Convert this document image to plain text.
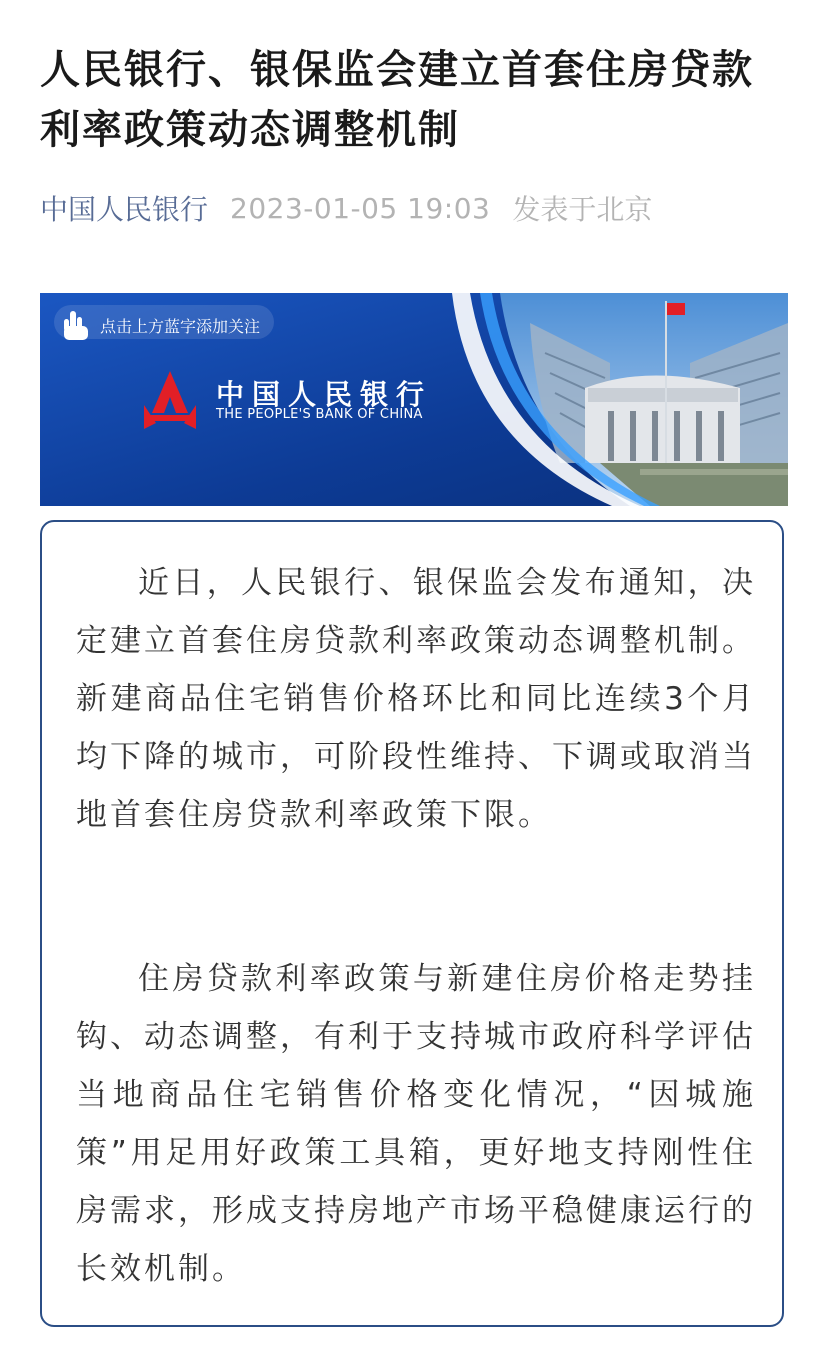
人民银行、银保监会建立首套住房贷款利率政策动态调整机制
中国人民银行 2023-01-05 19:03 发表于北京
点击上方蓝字添加关注
中国人民银行
THE PEOPLE'S BANK OF CHINA

近日，人民银行、银保监会发布通知，决定建立首套住房贷款利率政策动态调整机制。新建商品住宅销售价格环比和同比连续3个月均下降的城市，可阶段性维持、下调或取消当地首套住房贷款利率政策下限。

住房贷款利率政策与新建住房价格走势挂钩、动态调整，有利于支持城市政府科学评估当地商品住宅销售价格变化情况，“因城施策”用足用好政策工具箱，更好地支持刚性住房需求，形成支持房地产市场平稳健康运行的长效机制。
